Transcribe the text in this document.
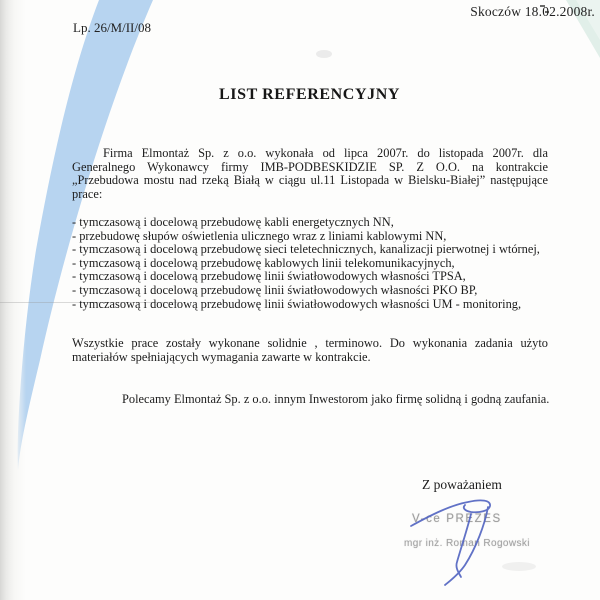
Skoczów 18.02.2008r.
Lp. 26/M/II/08
LIST REFERENCYJNY
Firma Elmontaż Sp. z o.o. wykonała od lipca 2007r. do listopada 2007r. dla
Generalnego Wykonawcy firmy IMB-PODBESKIDZIE SP. Z O.O. na kontrakcie
„Przebudowa mostu nad rzeką Białą w ciągu ul.11 Listopada w Bielsku-Białej” następujące
prace:
- tymczasową i docelową przebudowę kabli energetycznych NN,
- przebudowę słupów oświetlenia ulicznego wraz z liniami kablowymi NN,
- tymczasową i docelową przebudowę sieci teletechnicznych, kanalizacji pierwotnej i wtórnej,
- tymczasową i docelową przebudowę kablowych linii telekomunikacyjnych,
- tymczasową i docelową przebudowę linii światłowodowych własności TPSA,
- tymczasową i docelową przebudowę linii światłowodowych własności PKO BP,
- tymczasową i docelową przebudowę linii światłowodowych własności UM - monitoring,
Wszystkie prace zostały wykonane solidnie , terminowo. Do wykonania zadania użyto
materiałów spełniających wymagania zawarte w kontrakcie.
Polecamy Elmontaż Sp. z o.o. innym Inwestorom jako firmę solidną i godną zaufania.
Z poważaniem
V-ce PREZES
mgr inż. Roman Rogowski
